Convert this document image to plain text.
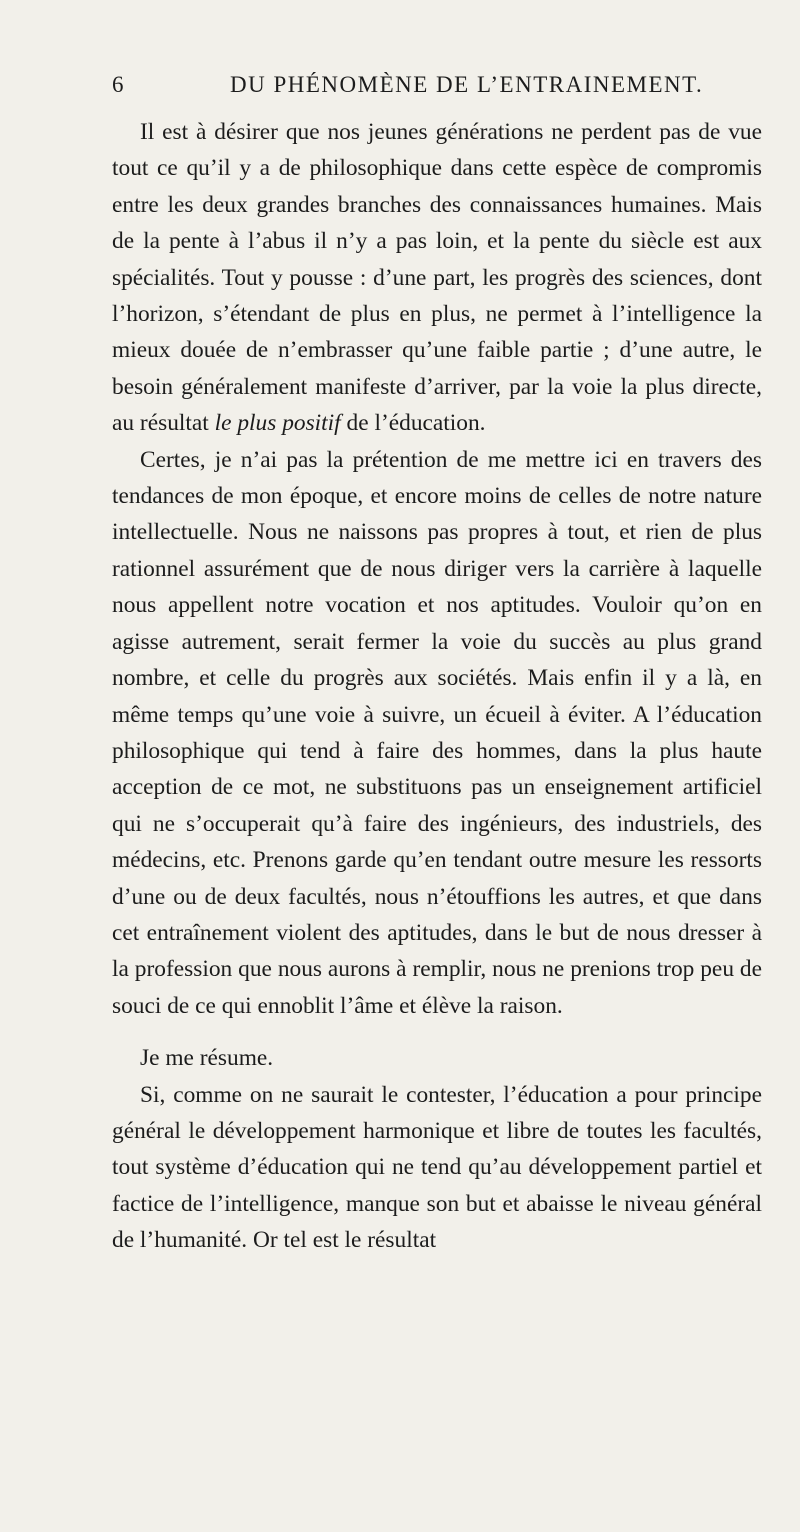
6	DU PHÉNOMÈNE DE L’ENTRAINEMENT.

Il est à désirer que nos jeunes générations ne perdent pas de vue tout ce qu’il y a de philosophique dans cette espèce de compromis entre les deux grandes branches des connaissances humaines. Mais de la pente à l’abus il n’y a pas loin, et la pente du siècle est aux spécialités. Tout y pousse : d’une part, les progrès des sciences, dont l’horizon, s’étendant de plus en plus, ne permet à l’intelligence la mieux douée de n’embrasser qu’une faible partie ; d’une autre, le besoin généralement manifeste d’arriver, par la voie la plus directe, au résultat le plus positif de l’éducation.

Certes, je n’ai pas la prétention de me mettre ici en travers des tendances de mon époque, et encore moins de celles de notre nature intellectuelle. Nous ne naissons pas propres à tout, et rien de plus rationnel assurément que de nous diriger vers la carrière à laquelle nous appellent notre vocation et nos aptitudes. Vouloir qu’on en agisse autrement, serait fermer la voie du succès au plus grand nombre, et celle du progrès aux sociétés. Mais enfin il y a là, en même temps qu’une voie à suivre, un écueil à éviter. A l’éducation philosophique qui tend à faire des hommes, dans la plus haute acception de ce mot, ne substituons pas un enseignement artificiel qui ne s’occuperait qu’à faire des ingénieurs, des industriels, des médecins, etc. Prenons garde qu’en tendant outre mesure les ressorts d’une ou de deux facultés, nous n’étouffions les autres, et que dans cet entraînement violent des aptitudes, dans le but de nous dresser à la profession que nous aurons à remplir, nous ne prenions trop peu de souci de ce qui ennoblit l’âme et élève la raison.

Je me résume.

Si, comme on ne saurait le contester, l’éducation a pour principe général le développement harmonique et libre de toutes les facultés, tout système d’éducation qui ne tend qu’au développement partiel et factice de l’intelligence, manque son but et abaisse le niveau général de l’humanité. Or tel est le résultat
